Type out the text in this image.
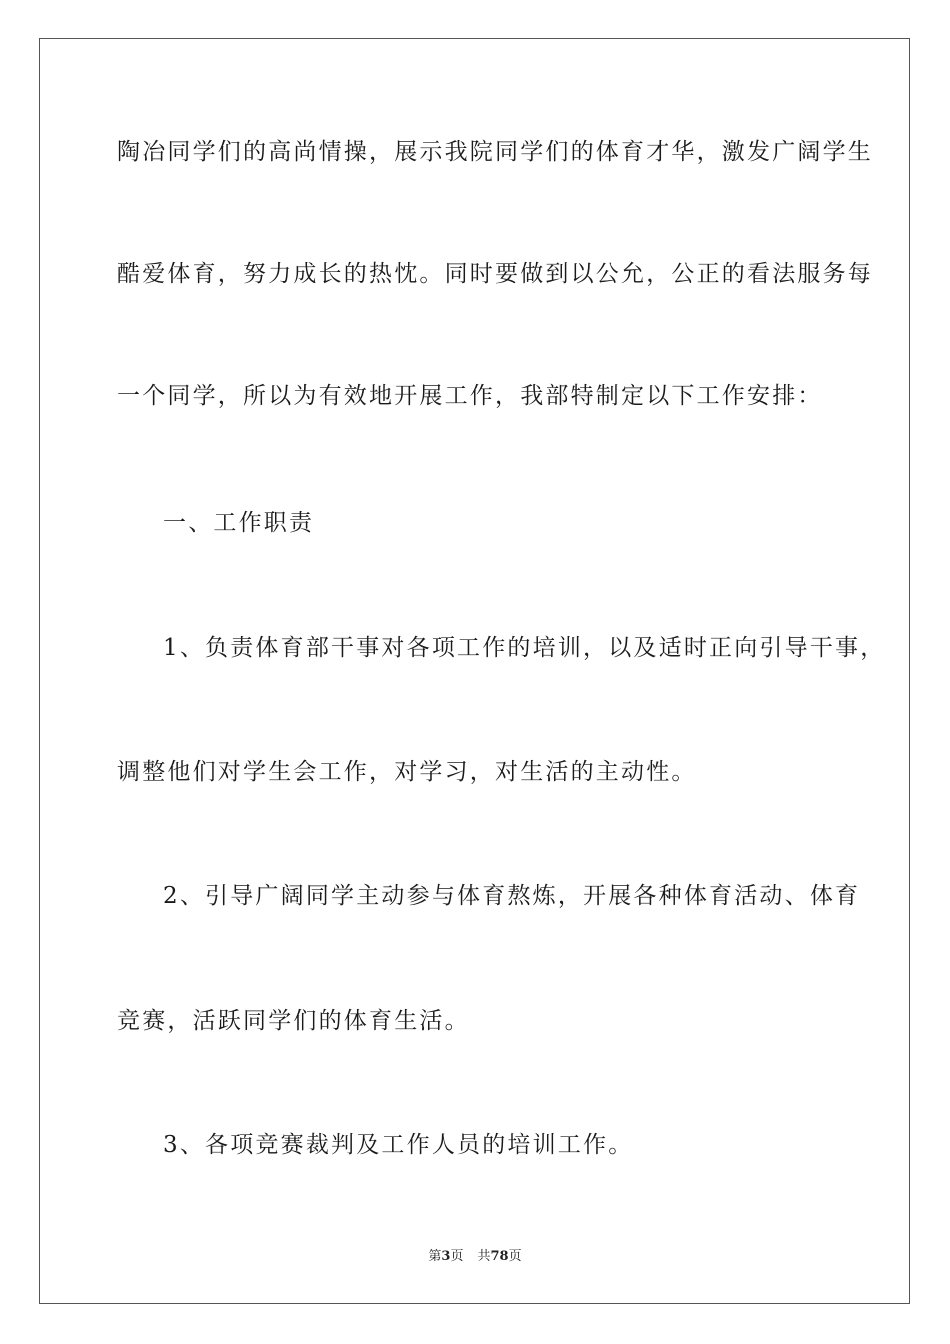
陶冶同学们的高尚情操，展示我院同学们的体育才华，激发广阔学生
酷爱体育，努力成长的热忱。同时要做到以公允，公正的看法服务每
一个同学，所以为有效地开展工作，我部特制定以下工作安排：
一、工作职责
1、负责体育部干事对各项工作的培训，以及适时正向引导干事，
调整他们对学生会工作，对学习，对生活的主动性。
2、引导广阔同学主动参与体育熬炼，开展各种体育活动、体育
竞赛，活跃同学们的体育生活。
3、各项竞赛裁判及工作人员的培训工作。
第3页 共78页
